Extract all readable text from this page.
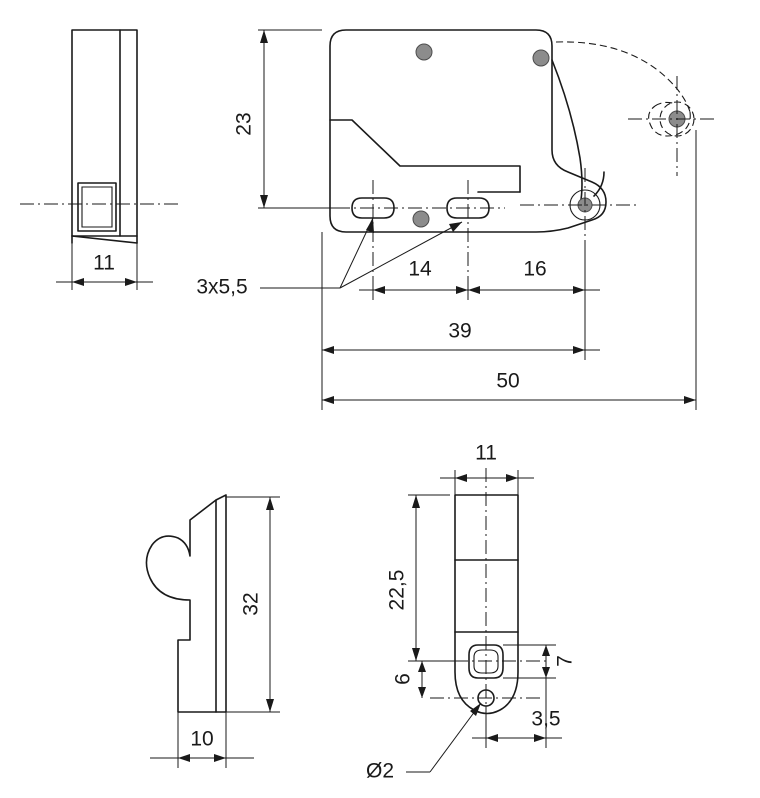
11
23
3x5,5
14	16
39
50
32
10
11
22,5
6
7
3,5
Ø2
